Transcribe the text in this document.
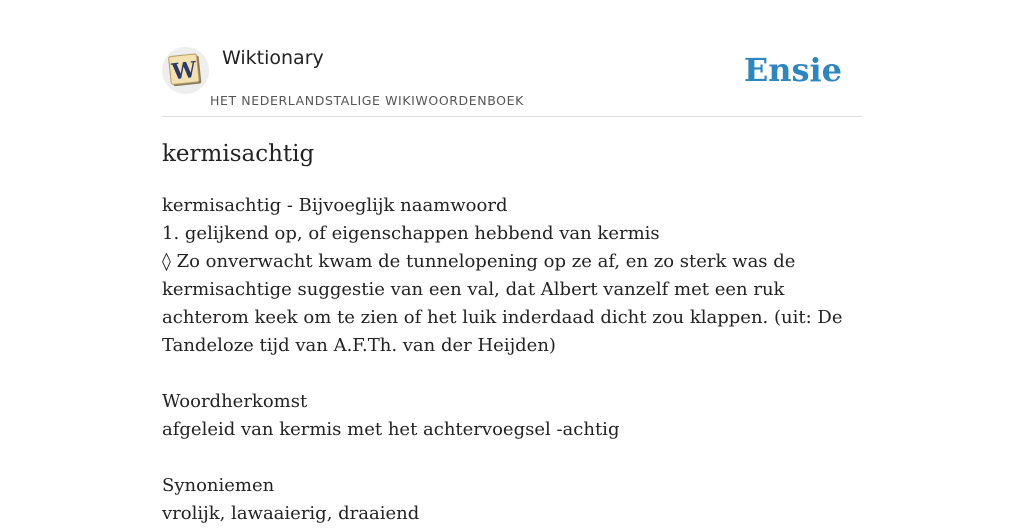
W Wiktionary
HET NEDERLANDSTALIGE WIKIWOORDENBOEK
Ensie
kermisachtig

kermisachtig - Bijvoeglijk naamwoord

1. gelijkend op, of eigenschappen hebbend van kermis

◊ Zo onverwacht kwam de tunnelopening op ze af, en zo sterk was de kermisachtige suggestie van een val, dat Albert vanzelf met een ruk achterom keek om te zien of het luik inderdaad dicht zou klappen. (uit: De Tandeloze tijd van A.F.Th. van der Heijden)

Woordherkomst

afgeleid van kermis met het achtervoegsel -achtig

Synoniemen

vrolijk, lawaaierig, draaiend
